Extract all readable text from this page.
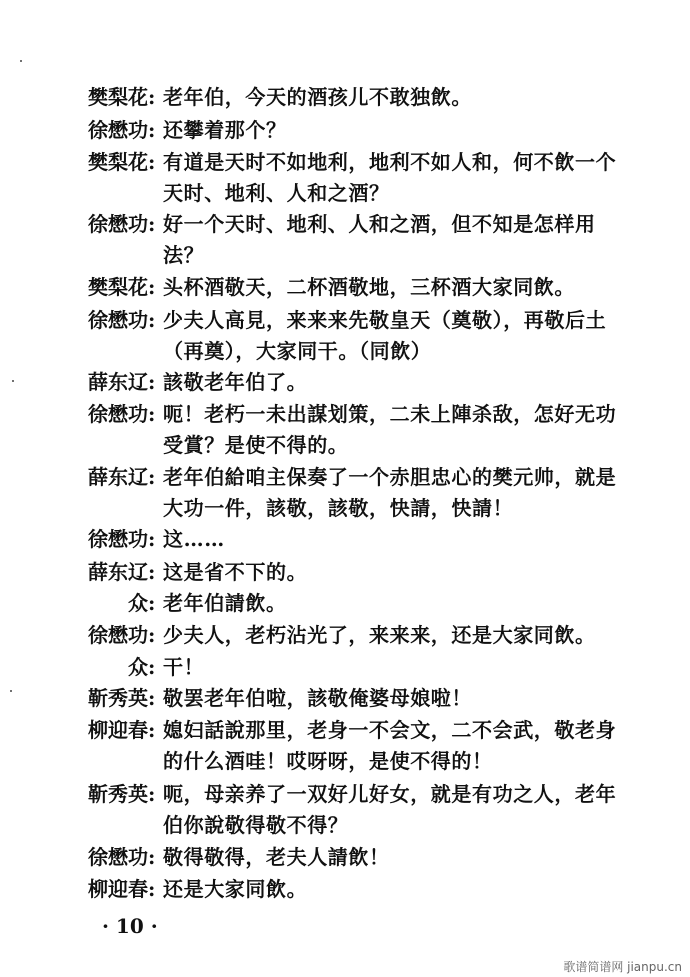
樊梨花 : 老年伯，今天的酒孩儿不敢独飲。
徐懋功 : 还攀着那个？
樊梨花 : 有道是天时不如地利，地利不如人和，何不飲一个
天时、地利、人和之酒？
徐懋功 : 好一个天时、地利、人和之酒，但不知是怎样用
法？
樊梨花 : 头杯酒敬天，二杯酒敬地，三杯酒大家同飲。
徐懋功 : 少夫人高見，来来来先敬皇天（奠敬），再敬后土
（再奠），大家同干。（同飲）
薛东辽 : 該敬老年伯了。
徐懋功 : 呃！老朽一未出謀划策，二未上陣杀敌，怎好无功
受賞？是使不得的。
薛东辽 : 老年伯給咱主保奏了一个赤胆忠心的樊元帅，就是
大功一件，該敬，該敬，快請，快請！
徐懋功 : 这……
薛东辽 : 这是省不下的。
众 : 老年伯請飲。
徐懋功 : 少夫人，老朽沾光了，来来来，还是大家同飲。
众 : 干！
靳秀英 : 敬罢老年伯啦，該敬俺婆母娘啦！
柳迎春 : 媳妇話說那里，老身一不会文，二不会武，敬老身
的什么酒哇！哎呀呀，是使不得的！
靳秀英 : 呃，母亲养了一双好儿好女，就是有功之人，老年
伯你說敬得敬不得？
徐懋功 : 敬得敬得，老夫人請飲！
柳迎春 : 还是大家同飲。
· 10 ·
歌谱简谱网 jianpu.cn
